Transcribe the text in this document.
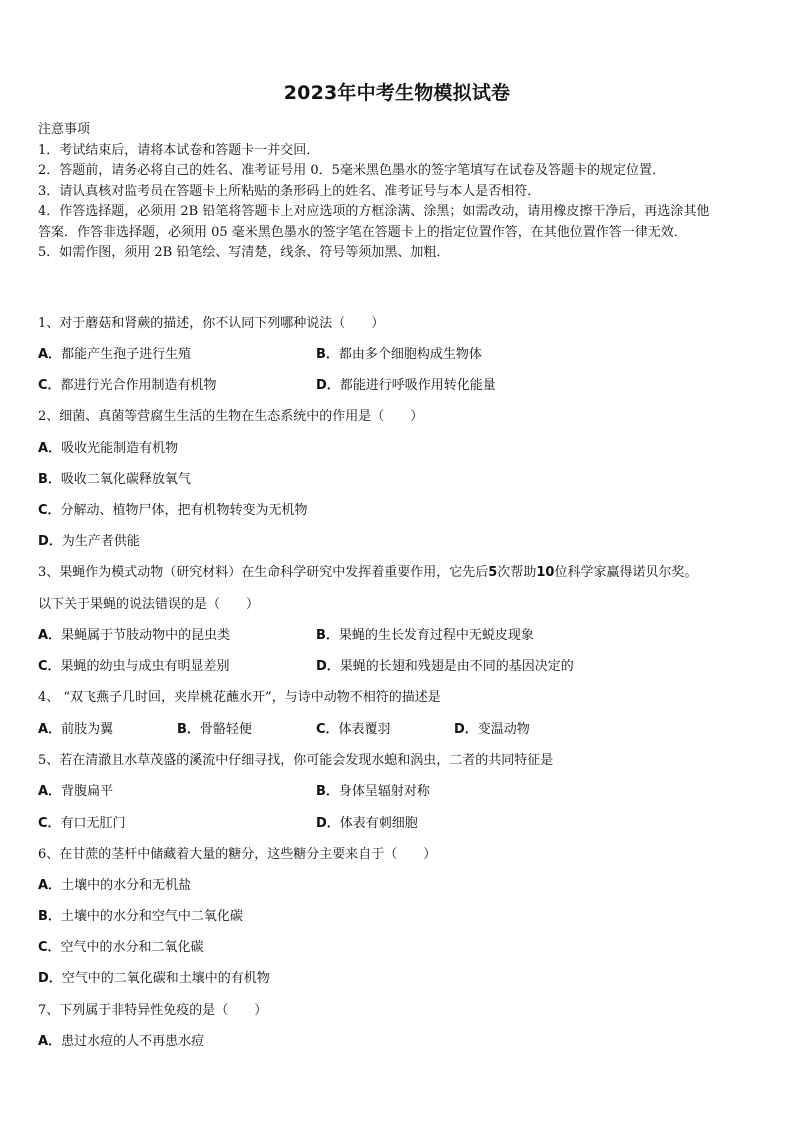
2023年中考生物模拟试卷
注意事项
1．考试结束后，请将本试卷和答题卡一并交回．
2．答题前，请务必将自己的姓名、准考证号用 0．5毫米黑色墨水的签字笔填写在试卷及答题卡的规定位置．
3．请认真核对监考员在答题卡上所粘贴的条形码上的姓名、准考证号与本人是否相符．
4．作答选择题，必须用 2B 铅笔将答题卡上对应选项的方框涂满、涂黑；如需改动，请用橡皮擦干净后，再选涂其他
答案．作答非选择题，必须用 05 毫米黑色墨水的签字笔在答题卡上的指定位置作答，在其他位置作答一律无效．
5．如需作图，须用 2B 铅笔绘、写清楚，线条、符号等须加黑、加粗．
1、对于蘑菇和肾蕨的描述，你不认同下列哪种说法（　　）
A．都能产生孢子进行生殖	B．都由多个细胞构成生物体
C．都进行光合作用制造有机物	D．都能进行呼吸作用转化能量
2、细菌、真菌等营腐生生活的生物在生态系统中的作用是（　　）
A．吸收光能制造有机物
B．吸收二氧化碳释放氧气
C．分解动、植物尸体，把有机物转变为无机物
D．为生产者供能
3、果蝇作为模式动物（研究材料）在生命科学研究中发挥着重要作用，它先后5次帮助10位科学家赢得诺贝尔奖。
以下关于果蝇的说法错误的是（　　）
A．果蝇属于节肢动物中的昆虫类	B．果蝇的生长发育过程中无蜕皮现象
C．果蝇的幼虫与成虫有明显差别	D．果蝇的长翅和残翅是由不同的基因决定的
4、 “双飞燕子几时回，夹岸桃花蘸水开”，与诗中动物不相符的描述是
A．前肢为翼	B．骨骼轻便	C．体表覆羽	D．变温动物
5、若在清澈且水草茂盛的溪流中仔细寻找，你可能会发现水螅和涡虫，二者的共同特征是
A．背腹扁平	B．身体呈辐射对称
C．有口无肛门	D．体表有刺细胞
6、在甘蔗的茎杆中储藏着大量的糖分，这些糖分主要来自于（　　）
A．土壤中的水分和无机盐
B．土壤中的水分和空气中二氧化碳
C．空气中的水分和二氧化碳
D．空气中的二氧化碳和土壤中的有机物
7、下列属于非特异性免疫的是（　　）
A．患过水痘的人不再患水痘
